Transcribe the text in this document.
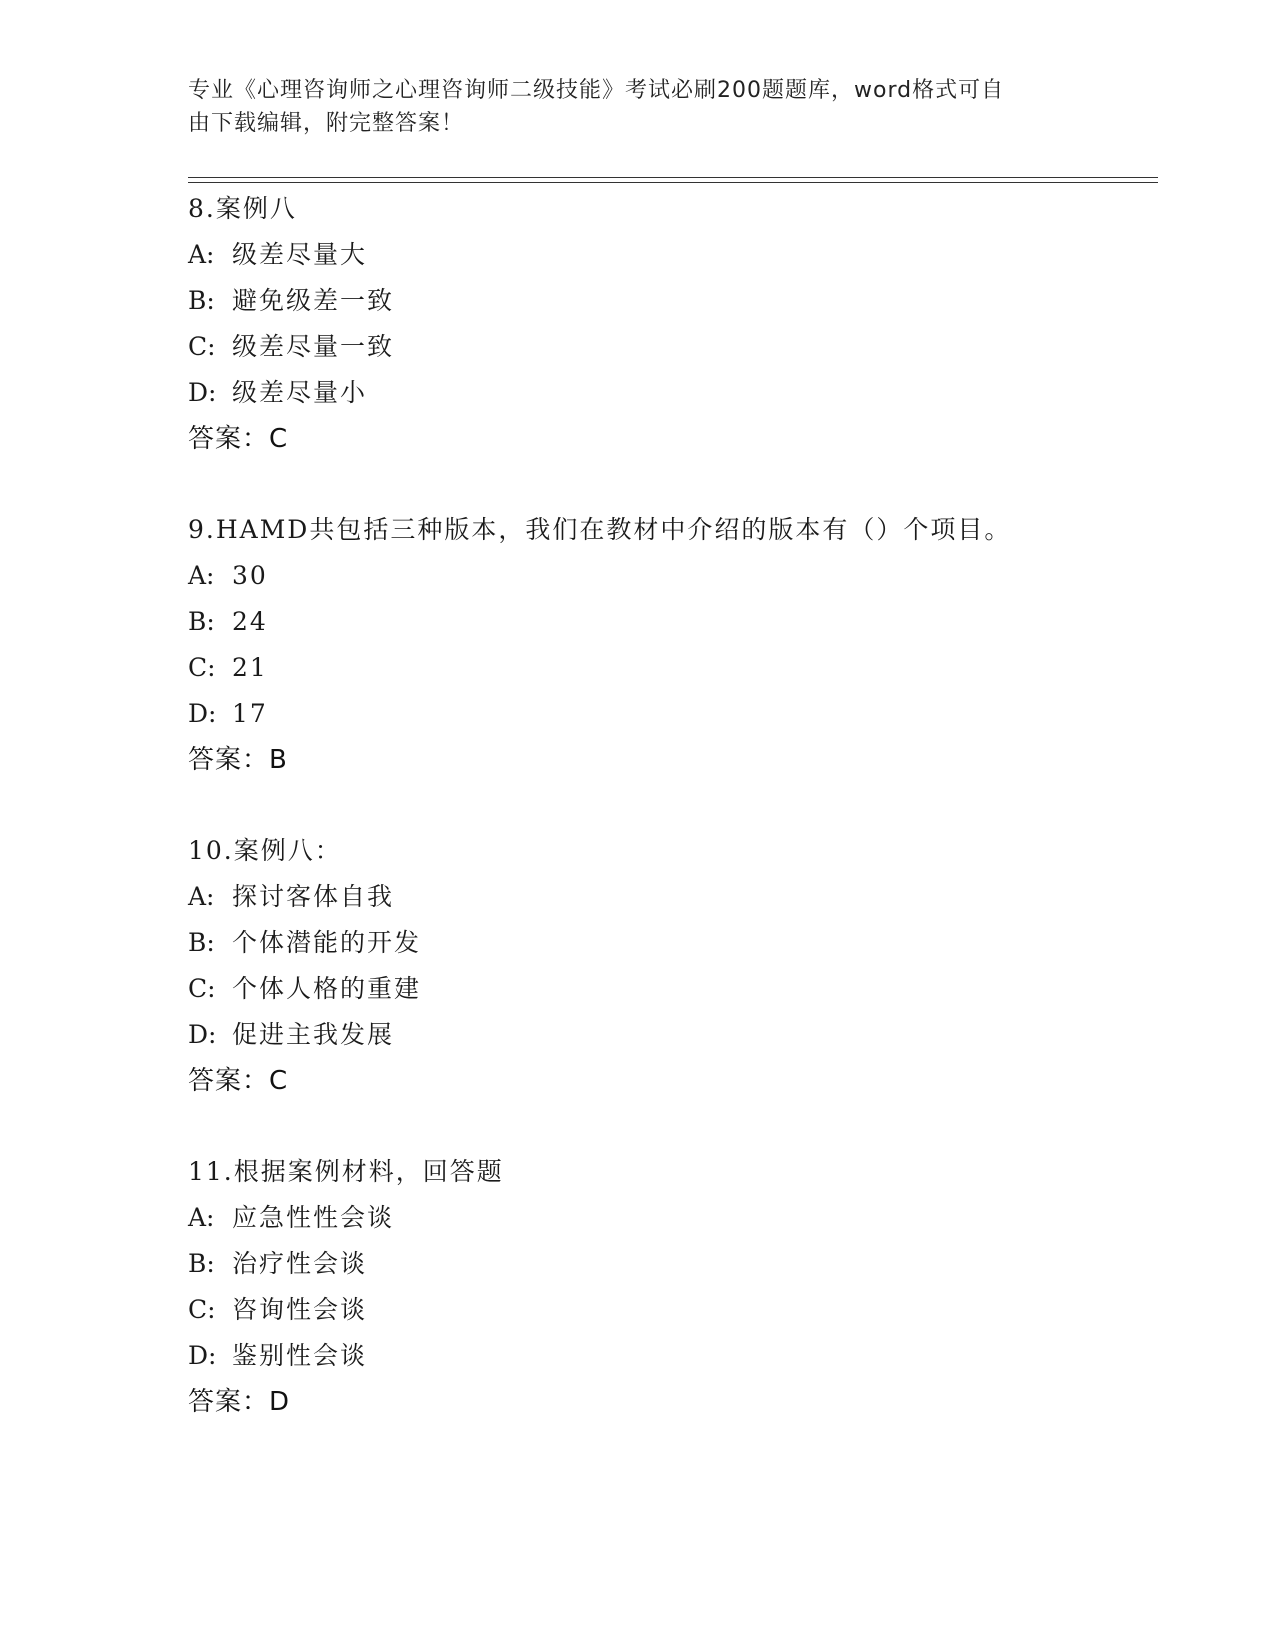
专业《心理咨询师之心理咨询师二级技能》考试必刷200题题库，word格式可自
由下载编辑，附完整答案！
8.案例八
A: 级差尽量大
B: 避免级差一致
C: 级差尽量一致
D: 级差尽量小
答案：C
9.HAMD共包括三种版本，我们在教材中介绍的版本有（）个项目。
A: 30
B: 24
C: 21
D: 17
答案：B
10.案例八：
A: 探讨客体自我
B: 个体潜能的开发
C: 个体人格的重建
D: 促进主我发展
答案：C
11.根据案例材料，回答题
A: 应急性性会谈
B: 治疗性会谈
C: 咨询性会谈
D: 鉴别性会谈
答案：D
